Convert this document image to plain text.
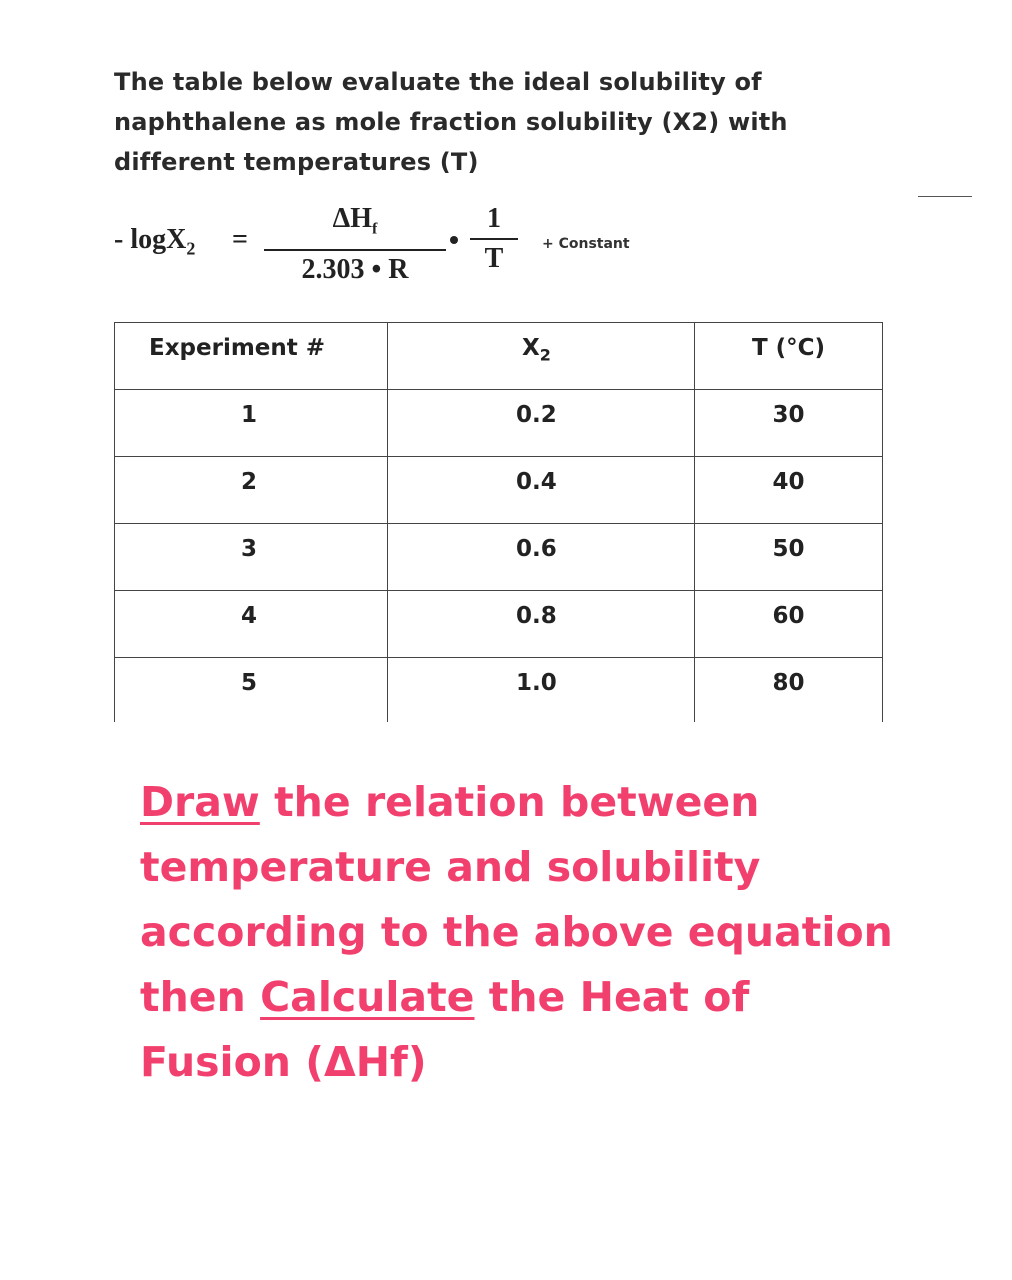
The table below evaluate the ideal solubility of naphthalene as mole fraction solubility (X2) with different temperatures (T)

- logX$_2$ =
$\Delta H_f$
2.303 • R
1
T	+ Constant
Experiment #	$X_2$	T (°C)
1	0.2	30
2	0.4	40
3	0.6	50
4	0.8	60
5	1.0	80

Draw the relation between temperature and solubility according to the above equation then Calculate the Heat of Fusion (ΔHf)
